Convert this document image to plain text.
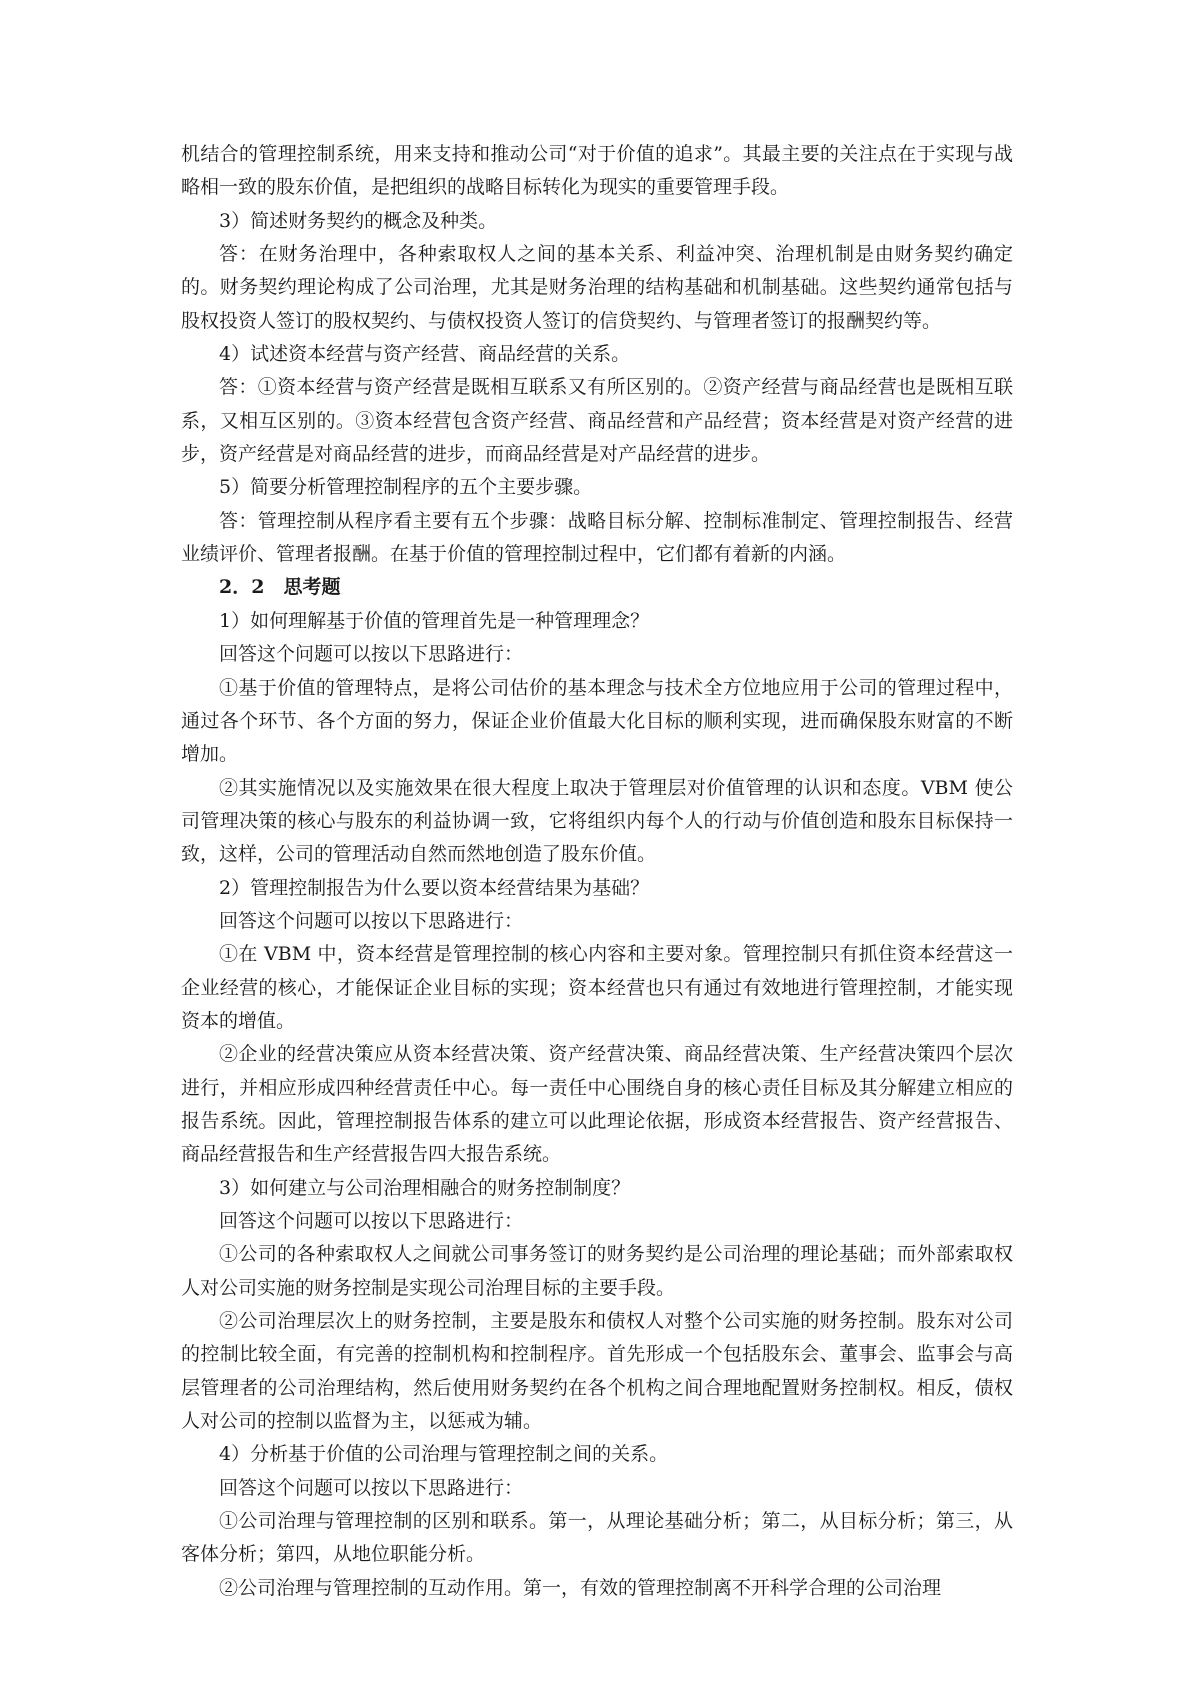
机结合的管理控制系统，用来支持和推动公司“对于价值的追求”。其最主要的关注点在于实现与战略相一致的股东价值，是把组织的战略目标转化为现实的重要管理手段。

3）简述财务契约的概念及种类。

答：在财务治理中，各种索取权人之间的基本关系、利益冲突、治理机制是由财务契约确定的。财务契约理论构成了公司治理，尤其是财务治理的结构基础和机制基础。这些契约通常包括与股权投资人签订的股权契约、与债权投资人签订的信贷契约、与管理者签订的报酬契约等。

4）试述资本经营与资产经营、商品经营的关系。

答：①资本经营与资产经营是既相互联系又有所区别的。②资产经营与商品经营也是既相互联系，又相互区别的。③资本经营包含资产经营、商品经营和产品经营；资本经营是对资产经营的进步，资产经营是对商品经营的进步，而商品经营是对产品经营的进步。

5）简要分析管理控制程序的五个主要步骤。

答：管理控制从程序看主要有五个步骤：战略目标分解、控制标准制定、管理控制报告、经营业绩评价、管理者报酬。在基于价值的管理控制过程中，它们都有着新的内涵。

2．2　思考题

1）如何理解基于价值的管理首先是一种管理理念？

回答这个问题可以按以下思路进行：

①基于价值的管理特点，是将公司估价的基本理念与技术全方位地应用于公司的管理过程中，通过各个环节、各个方面的努力，保证企业价值最大化目标的顺利实现，进而确保股东财富的不断增加。

②其实施情况以及实施效果在很大程度上取决于管理层对价值管理的认识和态度。VBM 使公司管理决策的核心与股东的利益协调一致，它将组织内每个人的行动与价值创造和股东目标保持一致，这样，公司的管理活动自然而然地创造了股东价值。

2）管理控制报告为什么要以资本经营结果为基础？

回答这个问题可以按以下思路进行：

①在 VBM 中，资本经营是管理控制的核心内容和主要对象。管理控制只有抓住资本经营这一企业经营的核心，才能保证企业目标的实现；资本经营也只有通过有效地进行管理控制，才能实现资本的增值。

②企业的经营决策应从资本经营决策、资产经营决策、商品经营决策、生产经营决策四个层次进行，并相应形成四种经营责任中心。每一责任中心围绕自身的核心责任目标及其分解建立相应的报告系统。因此，管理控制报告体系的建立可以此理论依据，形成资本经营报告、资产经营报告、商品经营报告和生产经营报告四大报告系统。

3）如何建立与公司治理相融合的财务控制制度？

回答这个问题可以按以下思路进行：

①公司的各种索取权人之间就公司事务签订的财务契约是公司治理的理论基础；而外部索取权人对公司实施的财务控制是实现公司治理目标的主要手段。

②公司治理层次上的财务控制，主要是股东和债权人对整个公司实施的财务控制。股东对公司的控制比较全面，有完善的控制机构和控制程序。首先形成一个包括股东会、董事会、监事会与高层管理者的公司治理结构，然后使用财务契约在各个机构之间合理地配置财务控制权。相反，债权人对公司的控制以监督为主，以惩戒为辅。

4）分析基于价值的公司治理与管理控制之间的关系。

回答这个问题可以按以下思路进行：

①公司治理与管理控制的区别和联系。第一，从理论基础分析；第二，从目标分析；第三，从客体分析；第四，从地位职能分析。

②公司治理与管理控制的互动作用。第一，有效的管理控制离不开科学合理的公司治理
